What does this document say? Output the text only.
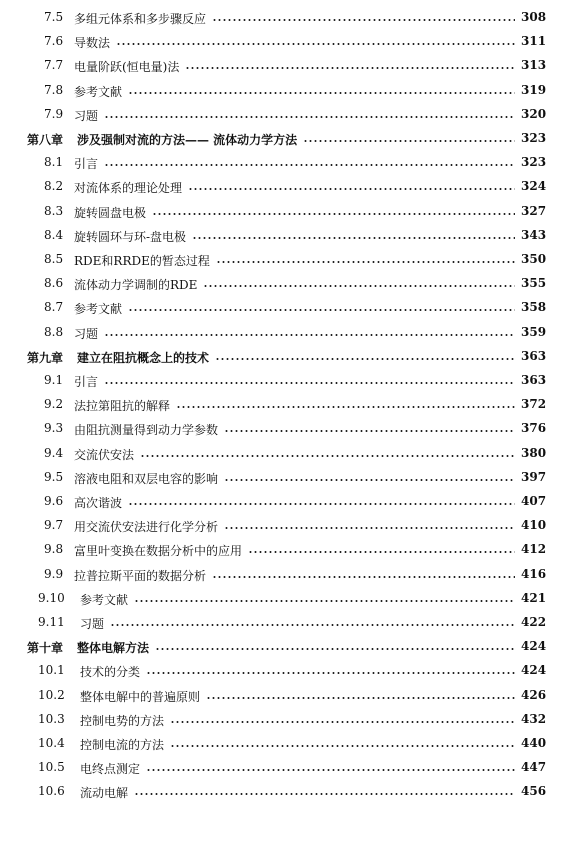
7.5 多组元体系和多步骤反应	308
7.6 导数法	311
7.7 电量阶跃(恒电量)法	313
7.8 参考文献	319
7.9 习题	320
第八章 涉及强制对流的方法—— 流体动力学方法	323
8.1 引言	323
8.2 对流体系的理论处理	324
8.3 旋转圆盘电极	327
8.4 旋转圆环与环-盘电极	343
8.5 RDE和RRDE的暂态过程	350
8.6 流体动力学调制的RDE	355
8.7 参考文献	358
8.8 习题	359
第九章 建立在阻抗概念上的技术	363
9.1 引言	363
9.2 法拉第阻抗的解释	372
9.3 由阻抗测量得到动力学参数	376
9.4 交流伏安法	380
9.5 溶液电阻和双层电容的影响	397
9.6 高次谐波	407
9.7 用交流伏安法进行化学分析	410
9.8 富里叶变换在数据分析中的应用	412
9.9 拉普拉斯平面的数据分析	416
9.10 参考文献	421
9.11 习题	422
第十章 整体电解方法	424
10.1 技术的分类	424
10.2 整体电解中的普遍原则	426
10.3 控制电势的方法	432
10.4 控制电流的方法	440
10.5 电终点测定	447
10.6 流动电解	456
